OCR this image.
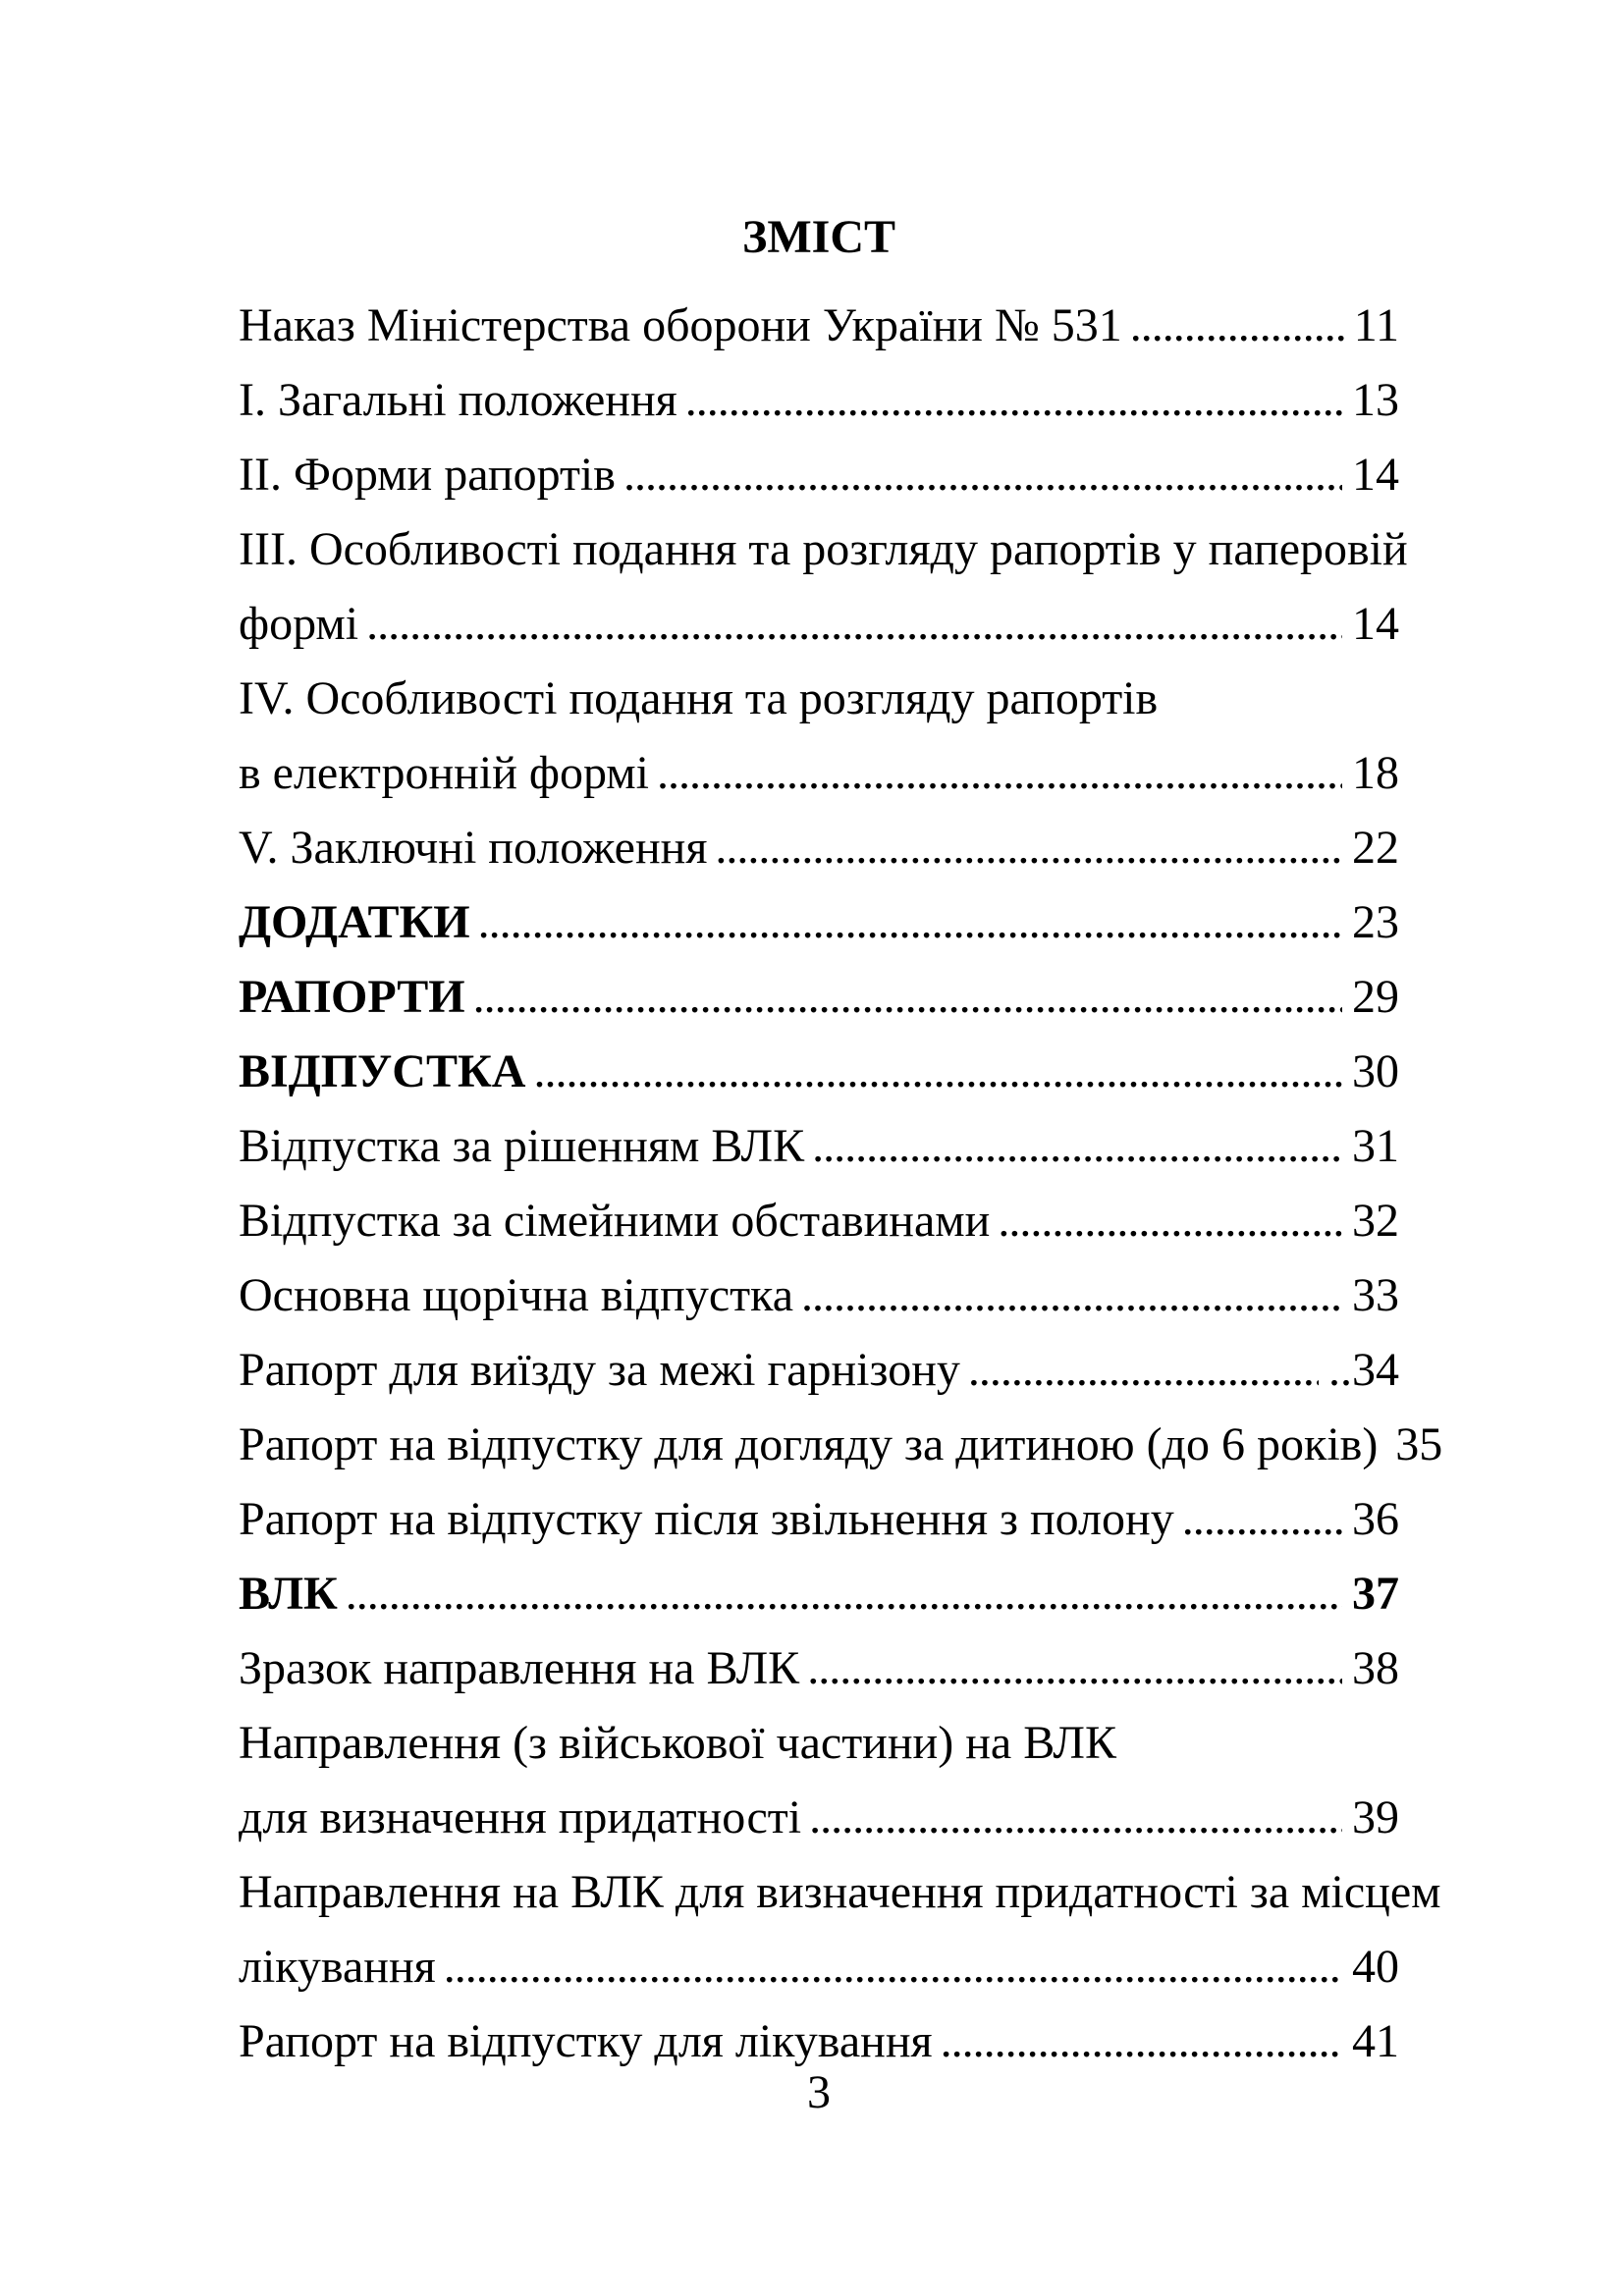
ЗМІСТ
Наказ Міністерства оборони України № 531 .....	11
I. Загальні положення .....	13
II. Форми рапортів .....	14
III. Особливості подання та розгляду рапортів у паперовій
формі .....	14
IV. Особливості подання та розгляду рапортів
в електронній формі .....	18
V. Заключні положення .....	22
ДОДАТКИ .....	23
РАПОРТИ .....	29
ВІДПУСТКА .....	30
Відпустка за рішенням ВЛК .....	31
Відпустка за сімейними обставинами .....	32
Основна щорічна відпустка .....	33
Рапорт для виїзду за межі гарнізону .....	..34
Рапорт на відпустку для догляду за дитиною (до 6 років) 35
Рапорт на відпустку після звільнення з полону .....	36
ВЛК .....	37
Зразок направлення на ВЛК .....	38
Направлення (з військової частини) на ВЛК
для визначення придатності .....	39
Направлення на ВЛК для визначення придатності за місцем
лікування .....	40
Рапорт на відпустку для лікування .....	41
3
